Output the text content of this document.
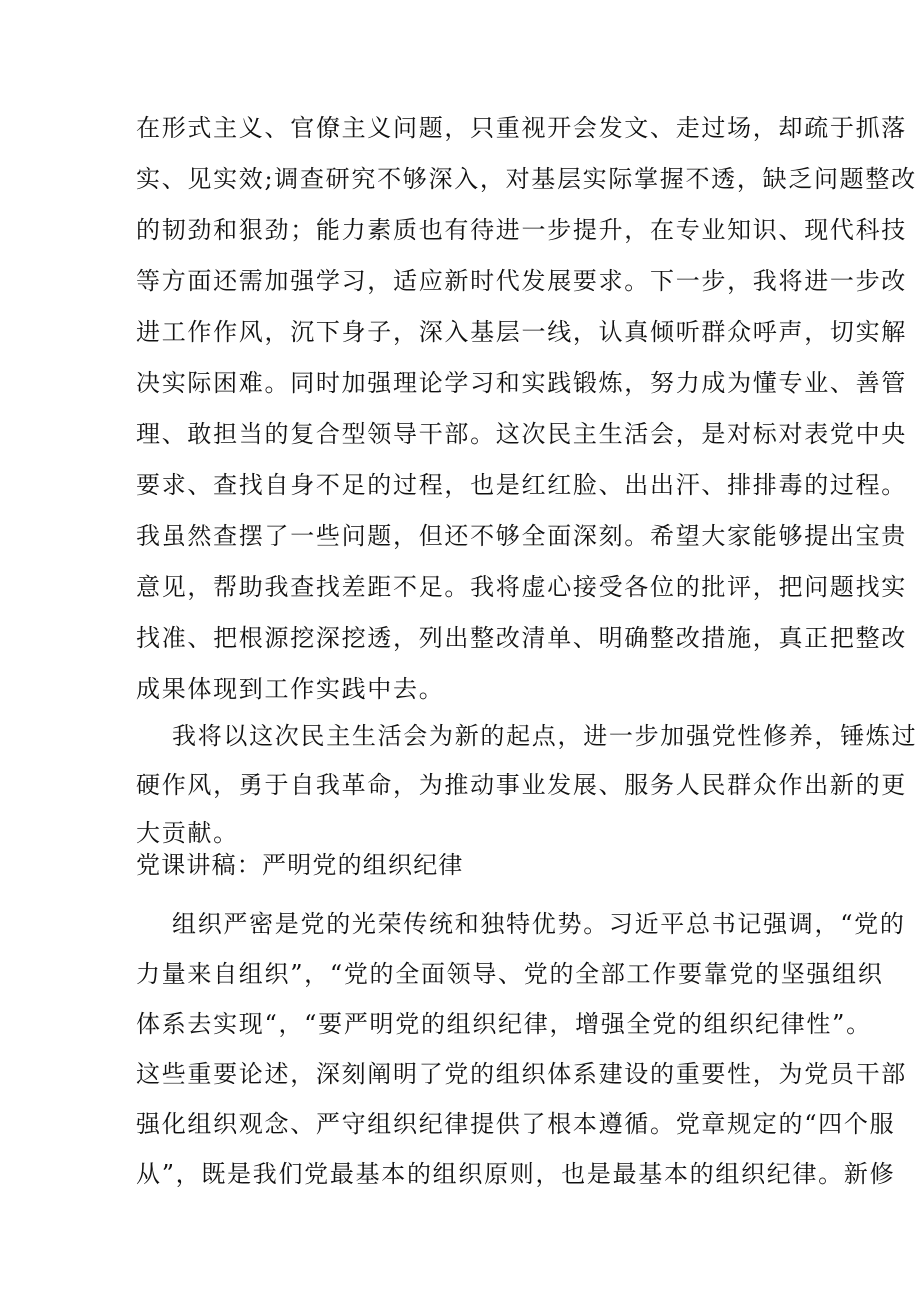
在形式主义、官僚主义问题，只重视开会发文、走过场，却疏于抓落
实、见实效;调查研究不够深入，对基层实际掌握不透，缺乏问题整改
的韧劲和狠劲；能力素质也有待进一步提升，在专业知识、现代科技
等方面还需加强学习，适应新时代发展要求。下一步，我将进一步改
进工作作风，沉下身子，深入基层一线，认真倾听群众呼声，切实解
决实际困难。同时加强理论学习和实践锻炼，努力成为懂专业、善管
理、敢担当的复合型领导干部。这次民主生活会，是对标对表党中央
要求、查找自身不足的过程，也是红红脸、出出汗、排排毒的过程。
我虽然查摆了一些问题，但还不够全面深刻。希望大家能够提出宝贵
意见，帮助我查找差距不足。我将虚心接受各位的批评，把问题找实
找准、把根源挖深挖透，列出整改清单、明确整改措施，真正把整改
成果体现到工作实践中去。
我将以这次民主生活会为新的起点，进一步加强党性修养，锤炼过
硬作风，勇于自我革命，为推动事业发展、服务人民群众作出新的更
大贡献。
党课讲稿：严明党的组织纪律
组织严密是党的光荣传统和独特优势。习近平总书记强调，“党的
力量来自组织”，“党的全面领导、党的全部工作要靠党的坚强组织
体系去实现“，“要严明党的组织纪律，增强全党的组织纪律性”。
这些重要论述，深刻阐明了党的组织体系建设的重要性，为党员干部
强化组织观念、严守组织纪律提供了根本遵循。党章规定的“四个服
从”，既是我们党最基本的组织原则，也是最基本的组织纪律。新修
